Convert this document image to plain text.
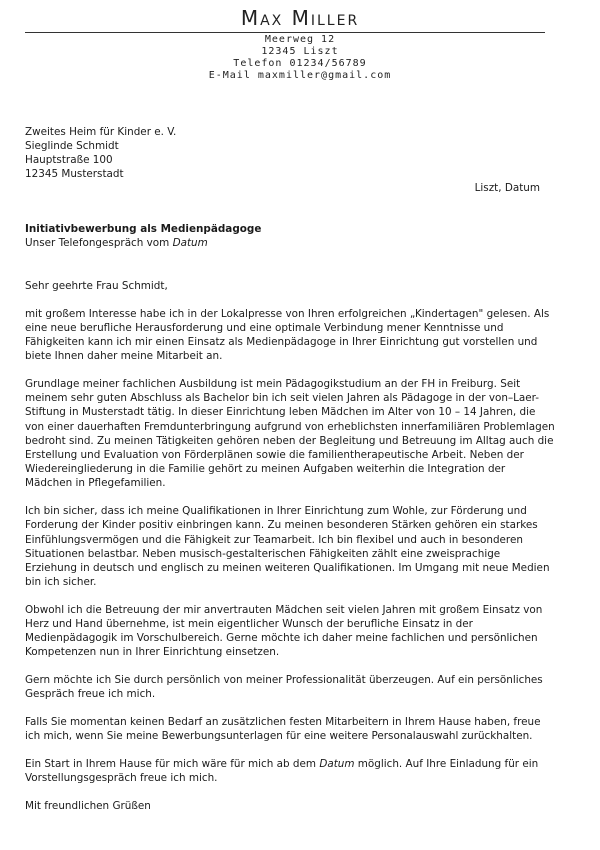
Max Miller
Meerweg 12
12345 Liszt
Telefon 01234/56789
E-Mail maxmiller@gmail.com
Zweites Heim für Kinder e. V.
Sieglinde Schmidt
Hauptstraße 100
12345 Musterstadt
Liszt, Datum
Initiativbewerbung als Medienpädagoge
Unser Telefongespräch vom Datum
Sehr geehrte Frau Schmidt,

mit großem Interesse habe ich in der Lokalpresse von Ihren erfolgreichen „Kindertagen" gelesen. Als eine neue berufliche Herausforderung und eine optimale Verbindung mener Kenntnisse und Fähigkeiten kann ich mir einen Einsatz als Medienpädagoge in Ihrer Einrichtung gut vorstellen und biete Ihnen daher meine Mitarbeit an.

Grundlage meiner fachlichen Ausbildung ist mein Pädagogikstudium an der FH in Freiburg. Seit meinem sehr guten Abschluss als Bachelor bin ich seit vielen Jahren als Pädagoge in der von–Laer-Stiftung in Musterstadt tätig. In dieser Einrichtung leben Mädchen im Alter von 10 – 14 Jahren, die von einer dauerhaften Fremdunterbringung aufgrund von erheblichsten innerfamiliären Problemlagen bedroht sind. Zu meinen Tätigkeiten gehören neben der Begleitung und Betreuung im Alltag auch die Erstellung und Evaluation von Förderplänen sowie die familientherapeutische Arbeit. Neben der Wiedereingliederung in die Familie gehört zu meinen Aufgaben weiterhin die Integration der Mädchen in Pflegefamilien.

Ich bin sicher, dass ich meine Qualifikationen in Ihrer Einrichtung zum Wohle, zur Förderung und Forderung der Kinder positiv einbringen kann. Zu meinen besonderen Stärken gehören ein starkes Einfühlungsvermögen und die Fähigkeit zur Teamarbeit. Ich bin flexibel und auch in besonderen Situationen belastbar. Neben musisch-gestalterischen Fähigkeiten zählt eine zweisprachige Erziehung in deutsch und englisch zu meinen weiteren Qualifikationen. Im Umgang mit neue Medien bin ich sicher.

Obwohl ich die Betreuung der mir anvertrauten Mädchen seit vielen Jahren mit großem Einsatz von Herz und Hand übernehme, ist mein eigentlicher Wunsch der berufliche Einsatz in der Medienpädagogik im Vorschulbereich. Gerne möchte ich daher meine fachlichen und persönlichen Kompetenzen nun in Ihrer Einrichtung einsetzen.

Gern möchte ich Sie durch persönlich von meiner Professionalität überzeugen. Auf ein persönliches Gespräch freue ich mich.

Falls Sie momentan keinen Bedarf an zusätzlichen festen Mitarbeitern in Ihrem Hause haben, freue ich mich, wenn Sie meine Bewerbungsunterlagen für eine weitere Personalauswahl zurückhalten.

Ein Start in Ihrem Hause für mich wäre für mich ab dem Datum möglich. Auf Ihre Einladung für ein Vorstellungsgespräch freue ich mich.

Mit freundlichen Grüßen
